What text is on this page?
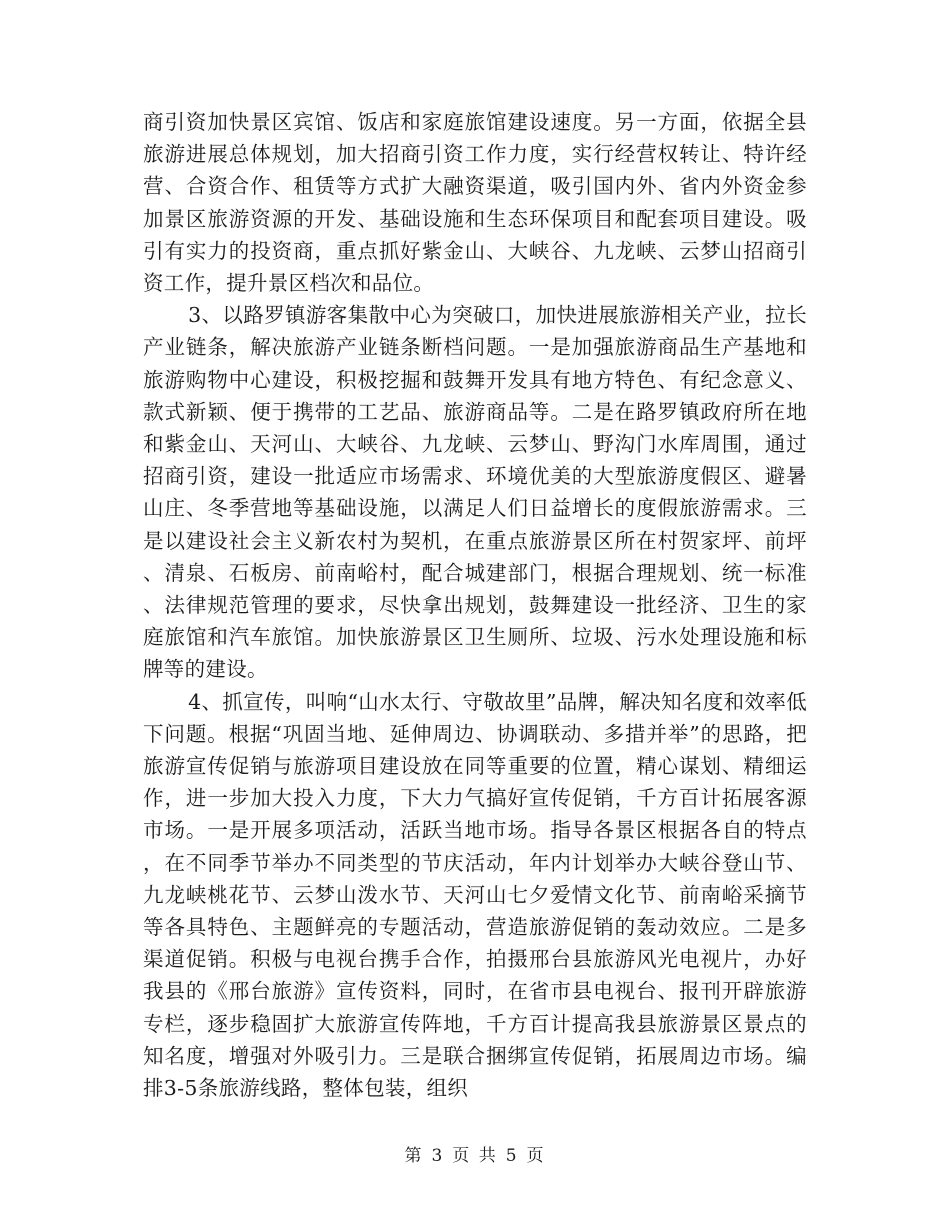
商引资加快景区宾馆、饭店和家庭旅馆建设速度。另一方面，依据全县旅游进展总体规划，加大招商引资工作力度，实行经营权转让、特许经营、合资合作、租赁等方式扩大融资渠道，吸引国内外、省内外资金参加景区旅游资源的开发、基础设施和生态环保项目和配套项目建设。吸引有实力的投资商，重点抓好紫金山、大峡谷、九龙峡、云梦山招商引资工作，提升景区档次和品位。

3、以路罗镇游客集散中心为突破口，加快进展旅游相关产业，拉长产业链条，解决旅游产业链条断档问题。一是加强旅游商品生产基地和旅游购物中心建设，积极挖掘和鼓舞开发具有地方特色、有纪念意义、款式新颖、便于携带的工艺品、旅游商品等。二是在路罗镇政府所在地和紫金山、天河山、大峡谷、九龙峡、云梦山、野沟门水库周围，通过招商引资，建设一批适应市场需求、环境优美的大型旅游度假区、避暑山庄、冬季营地等基础设施，以满足人们日益增长的度假旅游需求。三是以建设社会主义新农村为契机，在重点旅游景区所在村贺家坪、前坪、清泉、石板房、前南峪村，配合城建部门，根据合理规划、统一标准、法律规范管理的要求，尽快拿出规划，鼓舞建设一批经济、卫生的家庭旅馆和汽车旅馆。加快旅游景区卫生厕所、垃圾、污水处理设施和标牌等的建设。

4、抓宣传，叫响“山水太行、守敬故里”品牌，解决知名度和效率低下问题。根据“巩固当地、延伸周边、协调联动、多措并举”的思路，把旅游宣传促销与旅游项目建设放在同等重要的位置，精心谋划、精细运作，进一步加大投入力度，下大力气搞好宣传促销，千方百计拓展客源市场。一是开展多项活动，活跃当地市场。指导各景区根据各自的特点，在不同季节举办不同类型的节庆活动，年内计划举办大峡谷登山节、九龙峡桃花节、云梦山泼水节、天河山七夕爱情文化节、前南峪采摘节等各具特色、主题鲜亮的专题活动，营造旅游促销的轰动效应。二是多渠道促销。积极与电视台携手合作，拍摄邢台县旅游风光电视片，办好我县的《邢台旅游》宣传资料，同时，在省市县电视台、报刊开辟旅游专栏，逐步稳固扩大旅游宣传阵地，千方百计提高我县旅游景区景点的知名度，增强对外吸引力。三是联合捆绑宣传促销，拓展周边市场。编排3-5条旅游线路，整体包装，组织

第 3 页 共 5 页
